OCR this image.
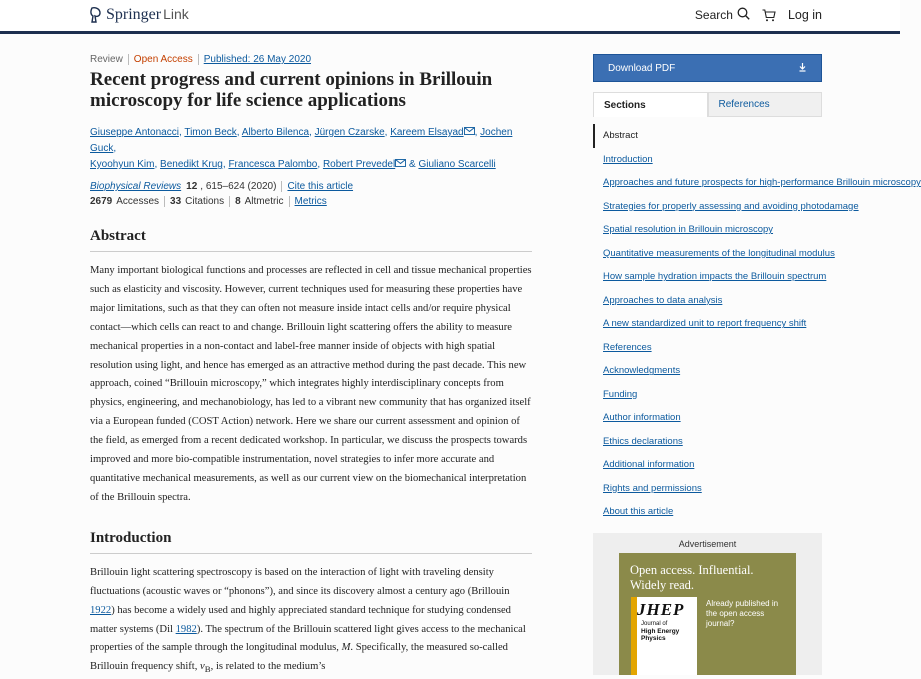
Springer Link	Search	Log in
Review Open Access Published: 26 May 2020
Recent progress and current opinions in Brillouin microscopy for life science applications
Giuseppe Antonacci, Timon Beck, Alberto Bilenca, Jürgen Czarske, Kareem Elsayad , Jochen Guck,
Kyoohyun Kim, Benedikt Krug, Francesca Palombo, Robert Prevedel & Giuliano Scarcelli
Biophysical Reviews 12 , 615–624 (2020) Cite this article
2679 Accesses 33 Citations 8 Altmetric Metrics
Abstract

Many important biological functions and processes are reflected in cell and tissue mechanical properties such as elasticity and viscosity. However, current techniques used for measuring these properties have major limitations, such as that they can often not measure inside intact cells and/or require physical contact—which cells can react to and change. Brillouin light scattering offers the ability to measure mechanical properties in a non-contact and label-free manner inside of objects with high spatial resolution using light, and hence has emerged as an attractive method during the past decade. This new approach, coined “Brillouin microscopy,” which integrates highly interdisciplinary concepts from physics, engineering, and mechanobiology, has led to a vibrant new community that has organized itself via a European funded (COST Action) network. Here we share our current assessment and opinion of the field, as emerged from a recent dedicated workshop. In particular, we discuss the prospects towards improved and more bio-compatible instrumentation, novel strategies to infer more accurate and quantitative mechanical measurements, as well as our current view on the biomechanical interpretation of the Brillouin spectra.

Introduction

Brillouin light scattering spectroscopy is based on the interaction of light with traveling density fluctuations (acoustic waves or “phonons”), and since its discovery almost a century ago (Brillouin 1922) has become a widely used and highly appreciated standard technique for studying condensed matter systems (Dil 1982). The spectrum of the Brillouin scattered light gives access to the mechanical properties of the sample through the longitudinal modulus, M. Specifically, the measured so-called Brillouin frequency shift, $\nu_B$, is related to the medium’s

Download PDF
Sections	References
Abstract
Introduction
Approaches and future prospects for high-performance Brillouin microscopy
Strategies for properly assessing and avoiding photodamage
Spatial resolution in Brillouin microscopy
Quantitative measurements of the longitudinal modulus
How sample hydration impacts the Brillouin spectrum
Approaches to data analysis
A new standardized unit to report frequency shift
References
Acknowledgments
Funding
Author information
Ethics declarations
Additional information
Rights and permissions
About this article
Advertisement
Open access. Influential.
Widely read.
JHEP
Journal of
High Energy Physics
Already published in the open access journal?
